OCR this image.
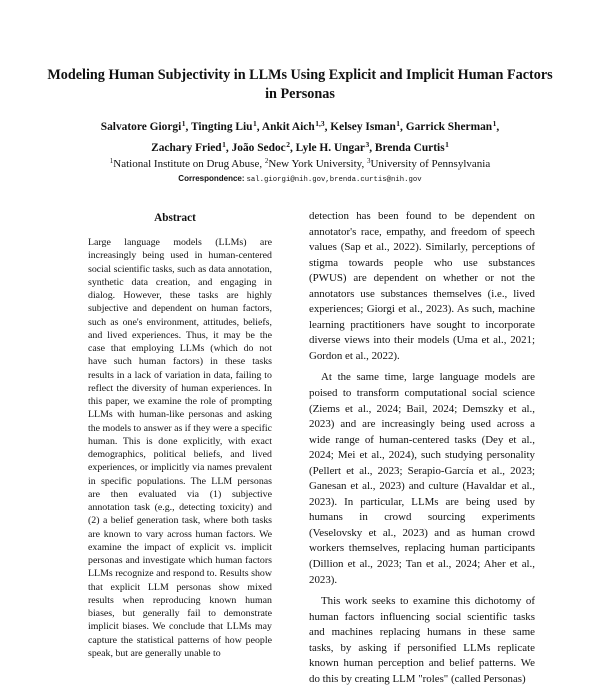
Modeling Human Subjectivity in LLMs Using Explicit and Implicit Human Factors in Personas
Salvatore Giorgi$^1$, Tingting Liu$^1$, Ankit Aich$^{1,3}$, Kelsey Isman$^1$, Garrick Sherman$^1$,
Zachary Fried$^1$, João Sedoc$^2$, Lyle H. Ungar$^3$, Brenda Curtis$^1$
$^1$National Institute on Drug Abuse, $^2$New York University, $^3$University of Pennsylvania
Correspondence: sal.giorgi@nih.gov,brenda.curtis@nih.gov
Abstract
Large language models (LLMs) are increasingly being used in human-centered social scientific tasks, such as data annotation, synthetic data creation, and engaging in dialog. However, these tasks are highly subjective and dependent on human factors, such as one's environment, attitudes, beliefs, and lived experiences. Thus, it may be the case that employing LLMs (which do not have such human factors) in these tasks results in a lack of variation in data, failing to reflect the diversity of human experiences. In this paper, we examine the role of prompting LLMs with human-like personas and asking the models to answer as if they were a specific human. This is done explicitly, with exact demographics, political beliefs, and lived experiences, or implicitly via names prevalent in specific populations. The LLM personas are then evaluated via (1) subjective annotation task (e.g., detecting toxicity) and (2) a belief generation task, where both tasks are known to vary across human factors. We examine the impact of explicit vs. implicit personas and investigate which human factors LLMs recognize and respond to. Results show that explicit LLM personas show mixed results when reproducing known human biases, but generally fail to demonstrate implicit biases. We conclude that LLMs may capture the statistical patterns of how people speak, but are generally unable to

detection has been found to be dependent on annotator's race, empathy, and freedom of speech values (Sap et al., 2022). Similarly, perceptions of stigma towards people who use substances (PWUS) are dependent on whether or not the annotators use substances themselves (i.e., lived experiences; Giorgi et al., 2023). As such, machine learning practitioners have sought to incorporate diverse views into their models (Uma et al., 2021; Gordon et al., 2022).

At the same time, large language models are poised to transform computational social science (Ziems et al., 2024; Bail, 2024; Demszky et al., 2023) and are increasingly being used across a wide range of human-centered tasks (Dey et al., 2024; Mei et al., 2024), such studying personality (Pellert et al., 2023; Serapio-García et al., 2023; Ganesan et al., 2023) and culture (Havaldar et al., 2023). In particular, LLMs are being used by humans in crowd sourcing experiments (Veselovsky et al., 2023) and as human crowd workers themselves, replacing human participants (Dillion et al., 2023; Tan et al., 2024; Aher et al., 2023).

This work seeks to examine this dichotomy of human factors influencing social scientific tasks and machines replacing humans in these same tasks, by asking if personified LLMs replicate known human perception and belief patterns. We do this by creating LLM "roles" (called Personas)
